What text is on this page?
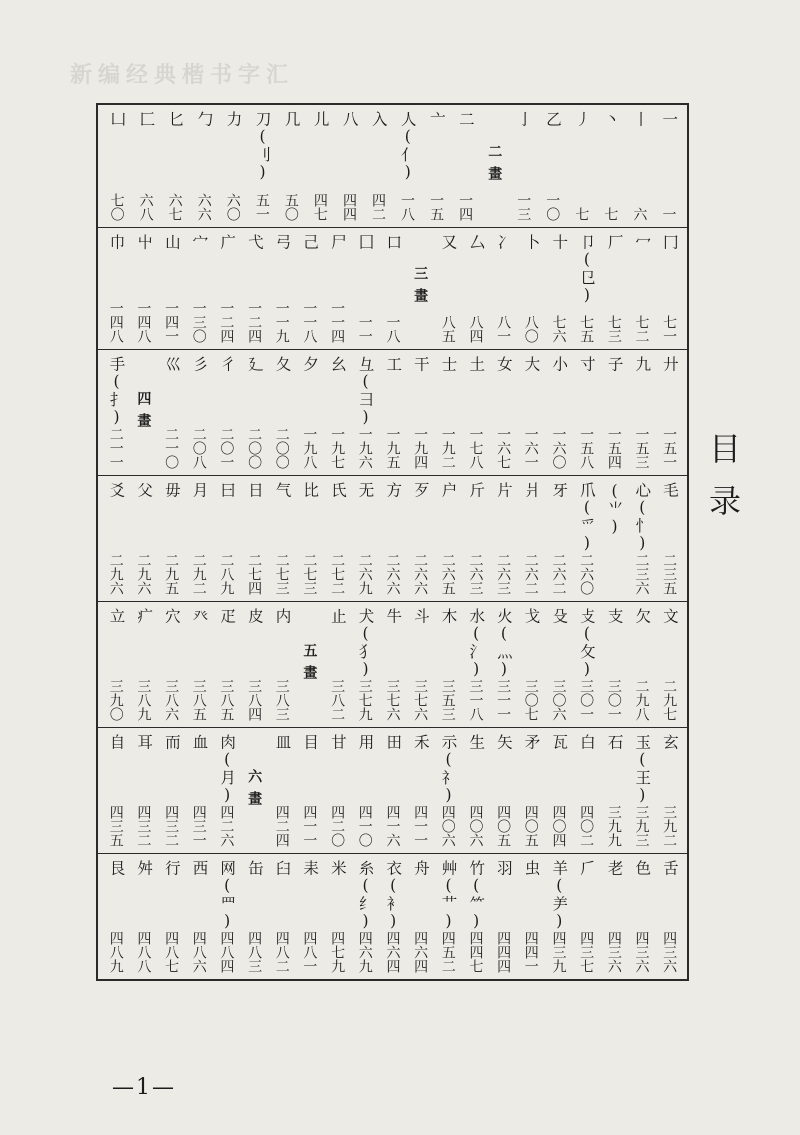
新编经典楷书字汇
一
一
丨
六
丶
七
丿
七
乙
一〇
亅
一三
二畫
二
一四
亠
一五
人(亻)
一八
入
四二
八
四四
儿
四七
几
五〇
刀(刂)
五一
力
六〇
勹
六六
匕
六七
匚
六八
凵
七〇
冂
七一
冖
七二
厂
七三
卩(㔾)
七五
十
七六
卜
八〇
冫
八一
厶
八四
又
八五
三畫
口
一八
囗
一一
尸
一一四
己
一一八
弓
一一九
弋
一二四
广
一二四
宀
一三〇
山
一四一
屮
一四八
巾
一四八
廾
一五一
九
一五三
子
一五四
寸
一五八
小
一六〇
大
一六一
女
一六七
土
一七八
士
一九二
干
一九四
工
一九五
彑(彐)
一九六
幺
一九七
夕
一九八
夂
二〇〇
廴
二〇〇
彳
二〇一
彡
二〇八
巛
二一〇
四畫
手(扌)
二一一
毛
二三五
心(忄)
二三六
(⺌)
爪(爫)
二六〇
牙
二六二
爿
二六二
片
二六三
斤
二六三
户
二六五
歹
二六六
方
二六六
无
二六九
氏
二七二
比
二七三
气
二七三
日
二七四
曰
二八九
月
二九二
毋
二九五
父
二九六
爻
二九六
文
二九七
欠
二九八
支
三〇一
攴(攵)
三〇一
殳
三〇六
戈
三〇七
火(灬)
三一一
水(氵)
三一八
木
三五三
斗
三七六
牛
三七六
犬(犭)
三七九
止
三八二
五畫
内
三八三
皮
三八四
疋
三八五
癶
三八五
穴
三八六
疒
三八九
立
三九〇
玄
三九二
玉(王)
三九三
石
三九九
白
四〇二
瓦
四〇四
矛
四〇五
矢
四〇五
生
四〇六
示(礻)
四〇六
禾
四一一
田
四一六
用
四一〇
甘
四二〇
目
四一一
皿
四二四
六畫
肉(月)
四二六
血
四三一
而
四三二
耳
四三二
自
四三五
舌
四三六
色
四三六
老
四三六
𠂆
四三七
羊(⺶)
四三九
虫
四四一
羽
四四四
竹(⺮)
四四七
艸(艹)
四五二
舟
四六四
衣(衤)
四六四
糸(纟)
四六九
米
四七九
耒
四八一
臼
四八二
缶
四八三
网(罒)
四八四
西
四八六
行
四八七
舛
四八八
艮
四八九
目录
—1—
